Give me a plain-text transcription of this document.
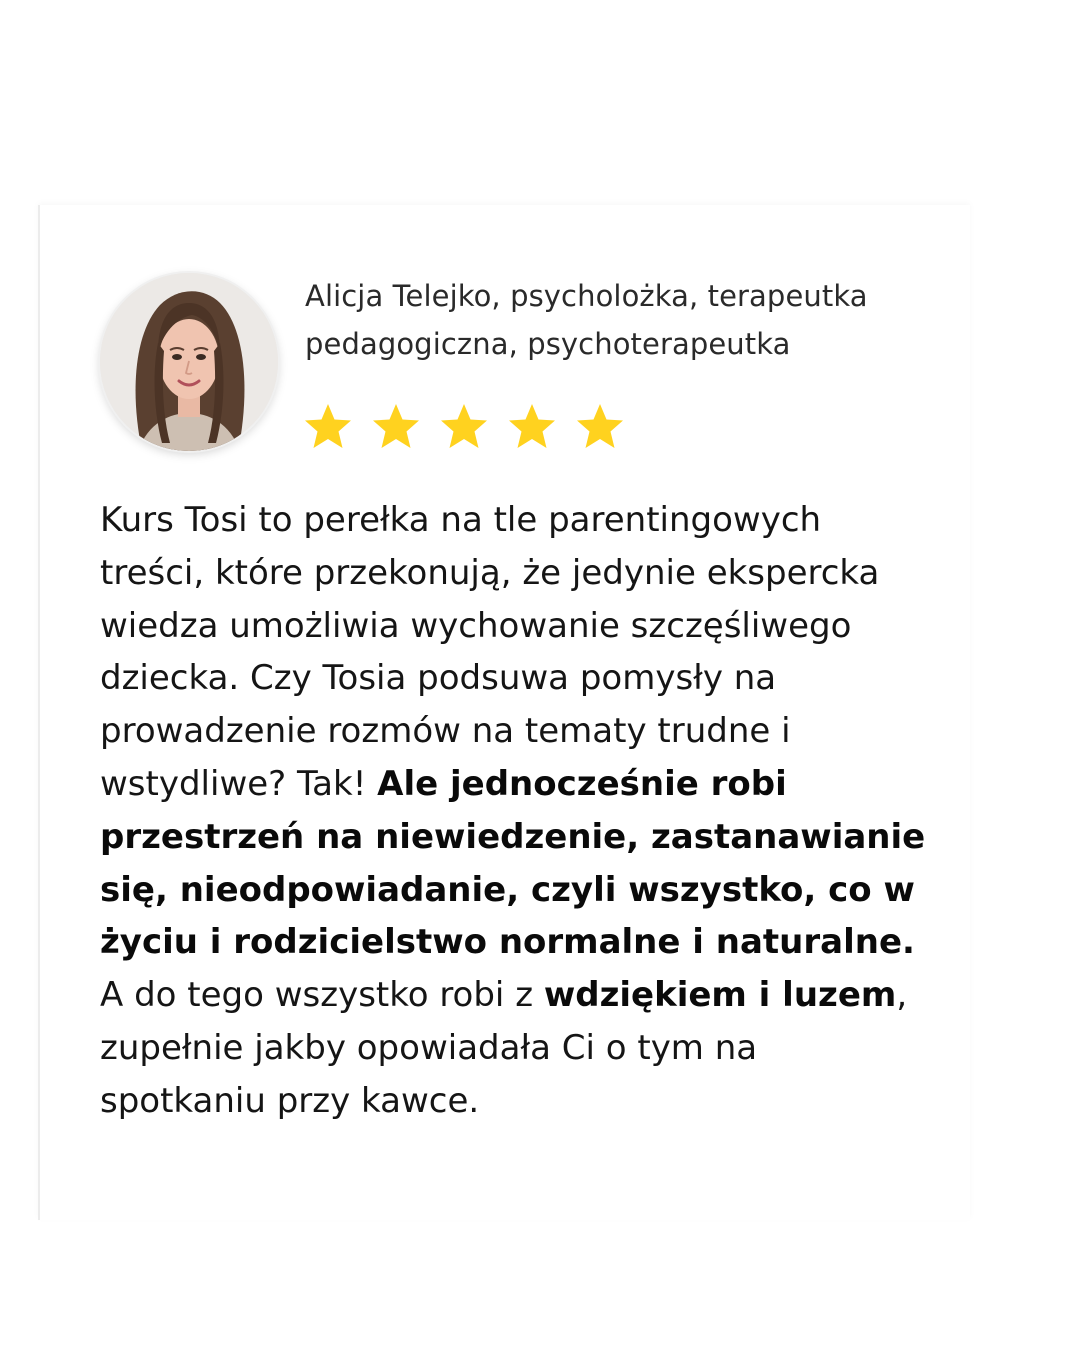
Alicja Telejko, psycholożka, terapeutka
pedagogiczna, psychoterapeutka
Kurs Tosi to perełka na tle parentingowych
treści, które przekonują, że jedynie ekspercka
wiedza umożliwia wychowanie szczęśliwego
dziecka. Czy Tosia podsuwa pomysły na
prowadzenie rozmów na tematy trudne i
wstydliwe? Tak! Ale jednocześnie robi
przestrzeń na niewiedzenie, zastanawianie
się, nieodpowiadanie, czyli wszystko, co w
życiu i rodzicielstwo normalne i naturalne.
A do tego wszystko robi z wdziękiem i luzem,
zupełnie jakby opowiadała Ci o tym na
spotkaniu przy kawce.
